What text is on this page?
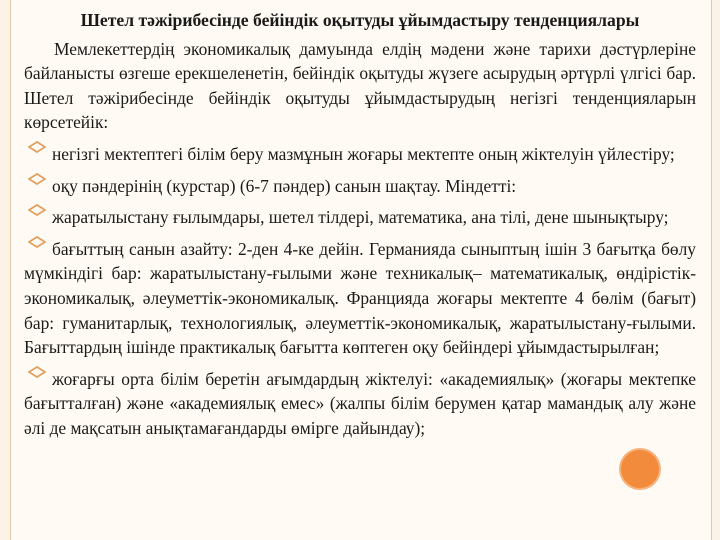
Шетел тәжірибесінде бейіндік оқытуды ұйымдастыру тенденциялары

Мемлекеттердің экономикалық дамуында елдің мәдени және тарихи дәстүрлеріне байланысты өзгеше ерекшеленетін, бейіндік оқытуды жүзеге асырудың әртүрлі үлгісі бар. Шетел тәжірибесінде бейіндік оқытуды ұйымдастырудың негізгі тенденцияларын көрсетейік:

негізгі мектептегі білім беру мазмұнын жоғары мектепте оның жіктелуін үйлестіру;
оқу пәндерінің (курстар) (6-7 пәндер) санын шақтау. Міндетті:
жаратылыстану ғылымдары, шетел тілдері, математика, ана тілі, дене шынықтыру;
бағыттың санын азайту: 2-ден 4-ке дейін. Германияда сыныптың ішін 3 бағытқа бөлу мүмкіндігі бар: жаратылыстану-ғылыми және техникалық– математикалық, өндірістік-экономикалық, әлеуметтік-экономикалық. Францияда жоғары мектепте 4 бөлім (бағыт) бар: гуманитарлық, технологиялық, әлеуметтік-экономикалық, жаратылыстану-ғылыми. Бағыттардың ішінде практикалық бағытта көптеген оқу бейіндері ұйымдастырылған;
жоғарғы орта білім беретін ағымдардың жіктелуі: «академиялық» (жоғары мектепке бағытталған) және «академиялық емес» (жалпы білім берумен қатар мамандық алу және әлі де мақсатын анықтамағандарды өмірге дайындау);
